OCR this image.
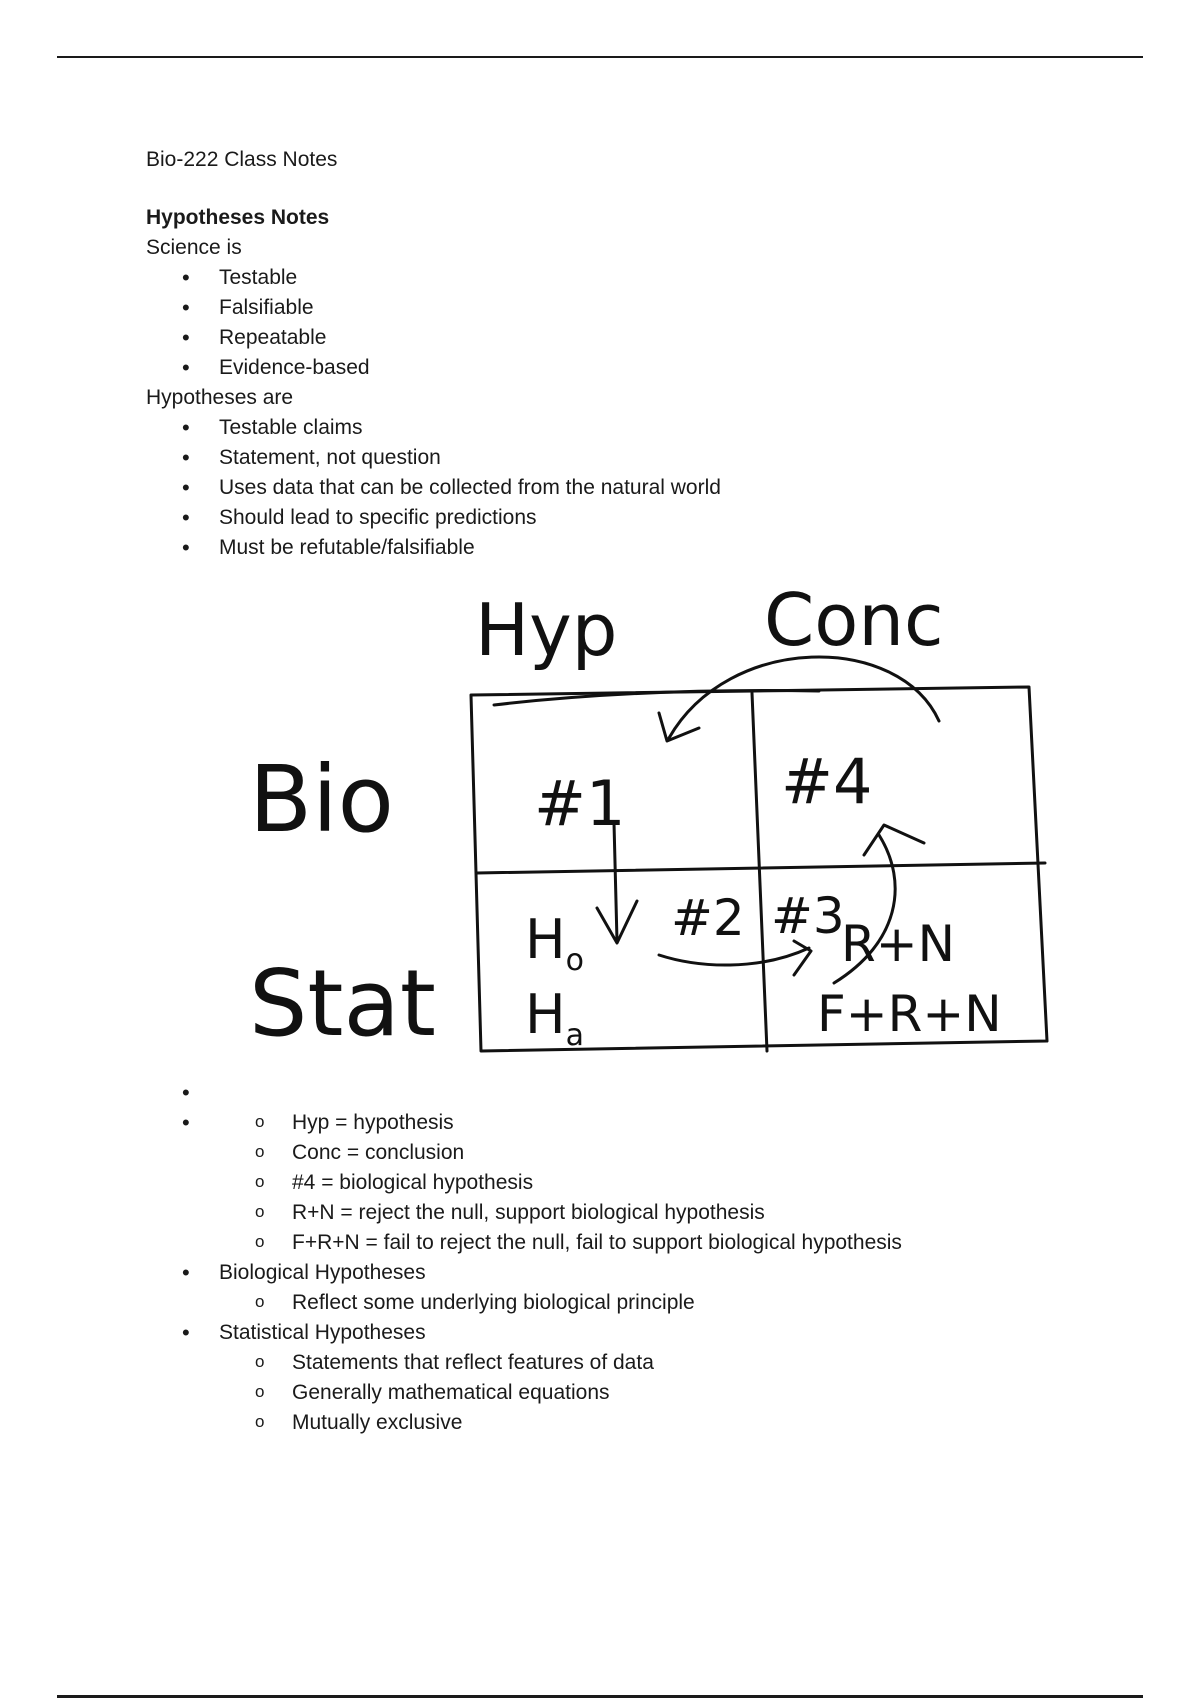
Bio-222 Class Notes
Hypotheses Notes
Science is
• Testable
• Falsifiable
• Repeatable
• Evidence-based
Hypotheses are
• Testable claims
• Statement, not question
• Uses data that can be collected from the natural world
• Should lead to specific predictions
• Must be refutable/falsifiable
• Hyp Conc
Bio
Stat
#1	#4
#2 #3
$H_o$
$H_a$
R+N
F+R+N
o • Hyp = hypothesis
o Conc = conclusion
o #4 = biological hypothesis
o R+N = reject the null, support biological hypothesis
o F+R+N = fail to reject the null, fail to support biological hypothesis
• Biological Hypotheses
o Reflect some underlying biological principle
• Statistical Hypotheses
o Statements that reflect features of data
o Generally mathematical equations
o Mutually exclusive
